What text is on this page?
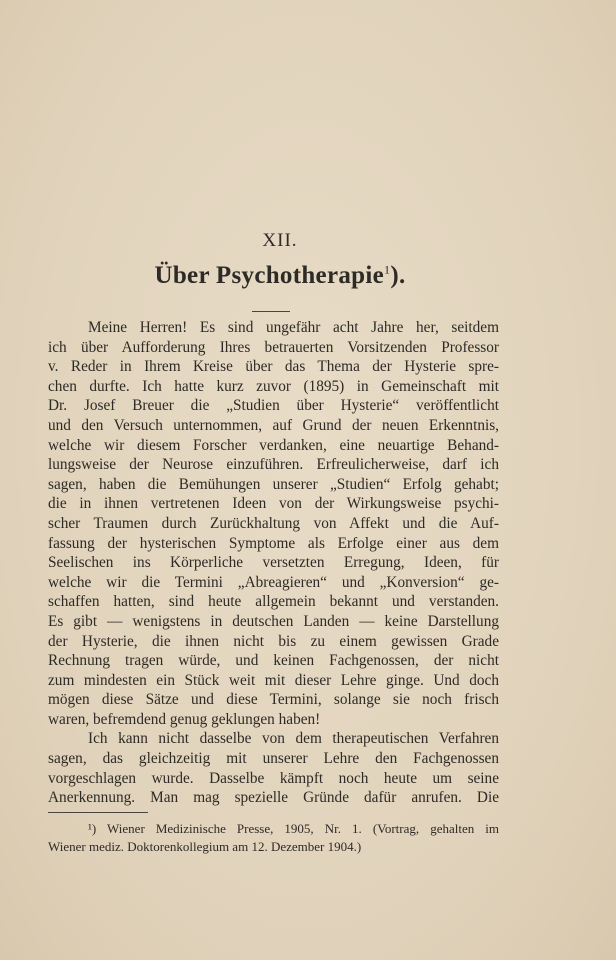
XII.
Über Psychotherapie$^1$).
Meine Herren! Es sind ungefähr acht Jahre her, seitdem
ich über Aufforderung Ihres betrauerten Vorsitzenden Professor
v. Reder in Ihrem Kreise über das Thema der Hysterie spre-
chen durfte. Ich hatte kurz zuvor (1895) in Gemeinschaft mit
Dr. Josef Breuer die „Studien über Hysterie“ veröffentlicht
und den Versuch unternommen, auf Grund der neuen Erkenntnis,
welche wir diesem Forscher verdanken, eine neuartige Behand-
lungsweise der Neurose einzuführen. Erfreulicherweise, darf ich
sagen, haben die Bemühungen unserer „Studien“ Erfolg gehabt;
die in ihnen vertretenen Ideen von der Wirkungsweise psychi-
scher Traumen durch Zurückhaltung von Affekt und die Auf-
fassung der hysterischen Symptome als Erfolge einer aus dem
Seelischen ins Körperliche versetzten Erregung, Ideen, für
welche wir die Termini „Abreagieren“ und „Konversion“ ge-
schaffen hatten, sind heute allgemein bekannt und verstanden.
Es gibt — wenigstens in deutschen Landen — keine Darstellung
der Hysterie, die ihnen nicht bis zu einem gewissen Grade
Rechnung tragen würde, und keinen Fachgenossen, der nicht
zum mindesten ein Stück weit mit dieser Lehre ginge. Und doch
mögen diese Sätze und diese Termini, solange sie noch frisch
waren, befremdend genug geklungen haben!
Ich kann nicht dasselbe von dem therapeutischen Verfahren
sagen, das gleichzeitig mit unserer Lehre den Fachgenossen
vorgeschlagen wurde. Dasselbe kämpft noch heute um seine
Anerkennung. Man mag spezielle Gründe dafür anrufen. Die
¹) Wiener Medizinische Presse, 1905, Nr. 1. (Vortrag, gehalten im
Wiener mediz. Doktorenkollegium am 12. Dezember 1904.)
